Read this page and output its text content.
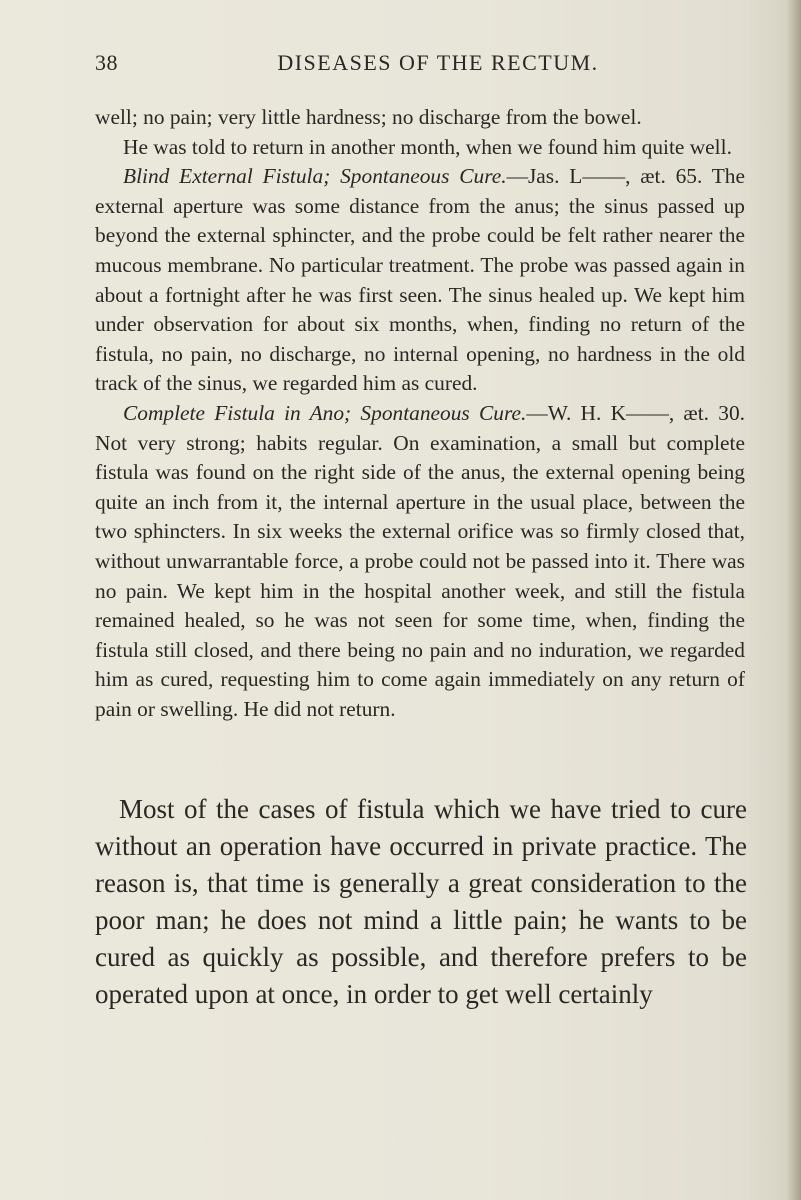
38	DISEASES OF THE RECTUM.

well; no pain; very little hardness; no discharge from the bowel.

He was told to return in another month, when we found him quite well.

Blind External Fistula; Spontaneous Cure.—Jas. L——, æt. 65. The external aperture was some distance from the anus; the sinus passed up beyond the external sphincter, and the probe could be felt rather nearer the mucous membrane. No particular treatment. The probe was passed again in about a fortnight after he was first seen. The sinus healed up. We kept him under observation for about six months, when, finding no return of the fistula, no pain, no discharge, no internal opening, no hardness in the old track of the sinus, we regarded him as cured.

Complete Fistula in Ano; Spontaneous Cure.—W. H. K——, æt. 30. Not very strong; habits regular. On examination, a small but complete fistula was found on the right side of the anus, the external opening being quite an inch from it, the internal aperture in the usual place, between the two sphincters. In six weeks the external orifice was so firmly closed that, without unwarrantable force, a probe could not be passed into it. There was no pain. We kept him in the hospital another week, and still the fistula remained healed, so he was not seen for some time, when, finding the fistula still closed, and there being no pain and no induration, we regarded him as cured, requesting him to come again immediately on any return of pain or swelling. He did not return.

Most of the cases of fistula which we have tried to cure without an operation have occurred in private practice. The reason is, that time is generally a great consideration to the poor man; he does not mind a little pain; he wants to be cured as quickly as possible, and therefore prefers to be operated upon at once, in order to get well certainly
